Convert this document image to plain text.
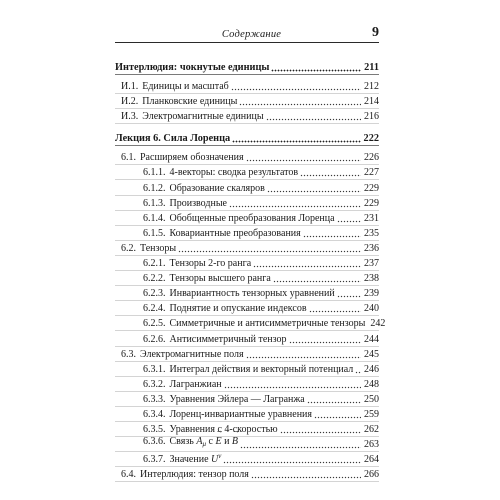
Содержание	9
Интерлюдия: чокнутые единицы	211
И.1. Единицы и масштаб	212
И.2. Планковские единицы	214
И.3. Электромагнитные единицы	216
Лекция 6. Сила Лоренца	222
6.1. Расширяем обозначения	226
6.1.1. 4-векторы: сводка результатов	227
6.1.2. Образование скаляров	229
6.1.3. Производные	229
6.1.4. Обобщенные преобразования Лоренца	231
6.1.5. Ковариантные преобразования	235
6.2. Тензоры	236
6.2.1. Тензоры 2-го ранга	237
6.2.2. Тензоры высшего ранга	238
6.2.3. Инвариантность тензорных уравнений	239
6.2.4. Поднятие и опускание индексов	240
6.2.5. Симметричные и антисимметричные тензоры 242
6.2.6. Антисимметричный тензор	244
6.3. Электромагнитные поля	245
6.3.1. Интеграл действия и векторный потенциал	246
6.3.2. Лагранжиан	248
6.3.3. Уравнения Эйлера — Лагранжа	250
6.3.4. Лоренц-инвариантные уравнения	259
6.3.5. Уравнения с 4-скоростью	262
6.3.6. Связь $A_\mu$ с E → и B →	263
6.3.7. Значение $U^\nu$	264
6.4. Интерлюдия: тензор поля	266
